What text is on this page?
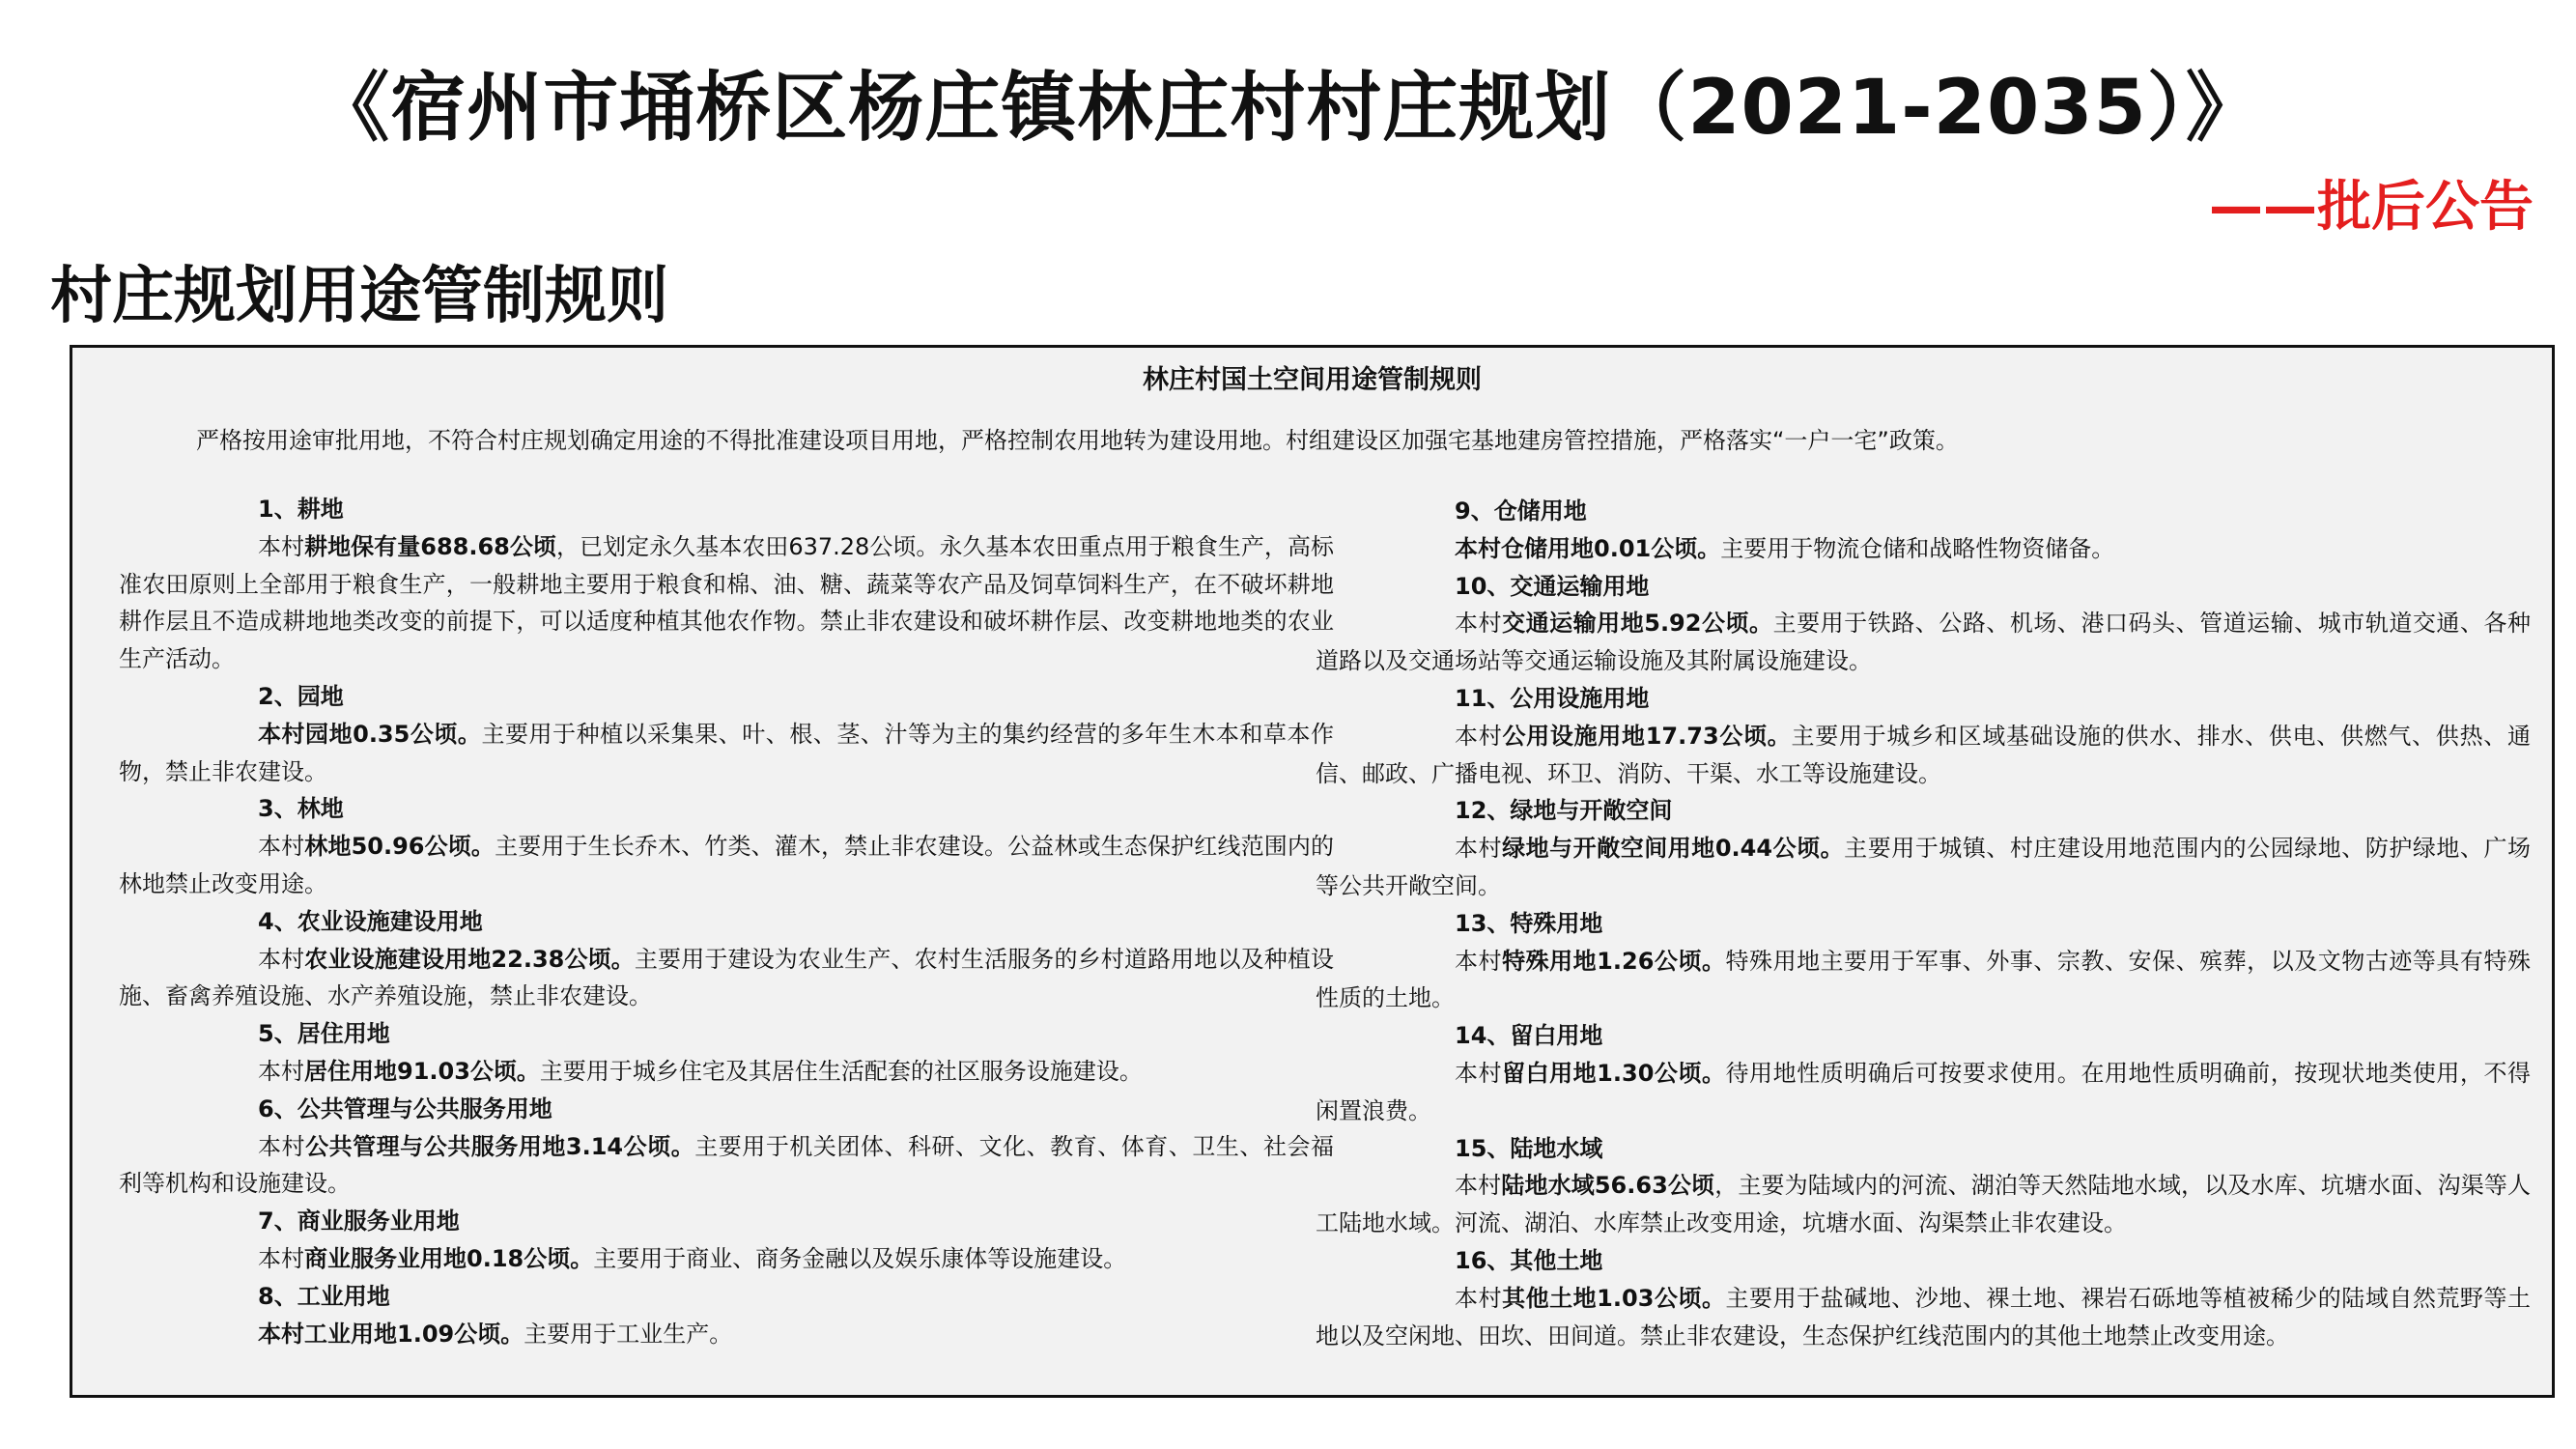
《宿州市埇桥区杨庄镇林庄村村庄规划（2021-2035）》
——批后公告
村庄规划用途管制规则
林庄村国土空间用途管制规则
严格按用途审批用地，不符合村庄规划确定用途的不得批准建设项目用地，严格控制农用地转为建设用地。村组建设区加强宅基地建房管控措施，严格落实“一户一宅”政策。
1、耕地
本村耕地保有量688.68公顷，已划定永久基本农田637.28公顷。永久基本农田重点用于粮食生产，高标准农田原则上全部用于粮食生产，一般耕地主要用于粮食和棉、油、糖、蔬菜等农产品及饲草饲料生产，在不破坏耕地耕作层且不造成耕地地类改变的前提下，可以适度种植其他农作物。禁止非农建设和破坏耕作层、改变耕地地类的农业生产活动。
2、园地
本村园地0.35公顷。主要用于种植以采集果、叶、根、茎、汁等为主的集约经营的多年生木本和草本作物，禁止非农建设。
3、林地
本村林地50.96公顷。主要用于生长乔木、竹类、灌木，禁止非农建设。公益林或生态保护红线范围内的林地禁止改变用途。
4、农业设施建设用地
本村农业设施建设用地22.38公顷。主要用于建设为农业生产、农村生活服务的乡村道路用地以及种植设施、畜禽养殖设施、水产养殖设施，禁止非农建设。
5、居住用地
本村居住用地91.03公顷。主要用于城乡住宅及其居住生活配套的社区服务设施建设。
6、公共管理与公共服务用地
本村公共管理与公共服务用地3.14公顷。主要用于机关团体、科研、文化、教育、体育、卫生、社会福利等机构和设施建设。
7、商业服务业用地
本村商业服务业用地0.18公顷。主要用于商业、商务金融以及娱乐康体等设施建设。
8、工业用地
本村工业用地1.09公顷。主要用于工业生产。
9、仓储用地
本村仓储用地0.01公顷。主要用于物流仓储和战略性物资储备。
10、交通运输用地
本村交通运输用地5.92公顷。主要用于铁路、公路、机场、港口码头、管道运输、城市轨道交通、各种道路以及交通场站等交通运输设施及其附属设施建设。
11、公用设施用地
本村公用设施用地17.73公顷。主要用于城乡和区域基础设施的供水、排水、供电、供燃气、供热、通信、邮政、广播电视、环卫、消防、干渠、水工等设施建设。
12、绿地与开敞空间
本村绿地与开敞空间用地0.44公顷。主要用于城镇、村庄建设用地范围内的公园绿地、防护绿地、广场等公共开敞空间。
13、特殊用地
本村特殊用地1.26公顷。特殊用地主要用于军事、外事、宗教、安保、殡葬，以及文物古迹等具有特殊性质的土地。
14、留白用地
本村留白用地1.30公顷。待用地性质明确后可按要求使用。在用地性质明确前，按现状地类使用，不得闲置浪费。
15、陆地水域
本村陆地水域56.63公顷，主要为陆域内的河流、湖泊等天然陆地水域，以及水库、坑塘水面、沟渠等人工陆地水域。河流、湖泊、水库禁止改变用途，坑塘水面、沟渠禁止非农建设。
16、其他土地
本村其他土地1.03公顷。主要用于盐碱地、沙地、裸土地、裸岩石砾地等植被稀少的陆域自然荒野等土地以及空闲地、田坎、田间道。禁止非农建设，生态保护红线范围内的其他土地禁止改变用途。
